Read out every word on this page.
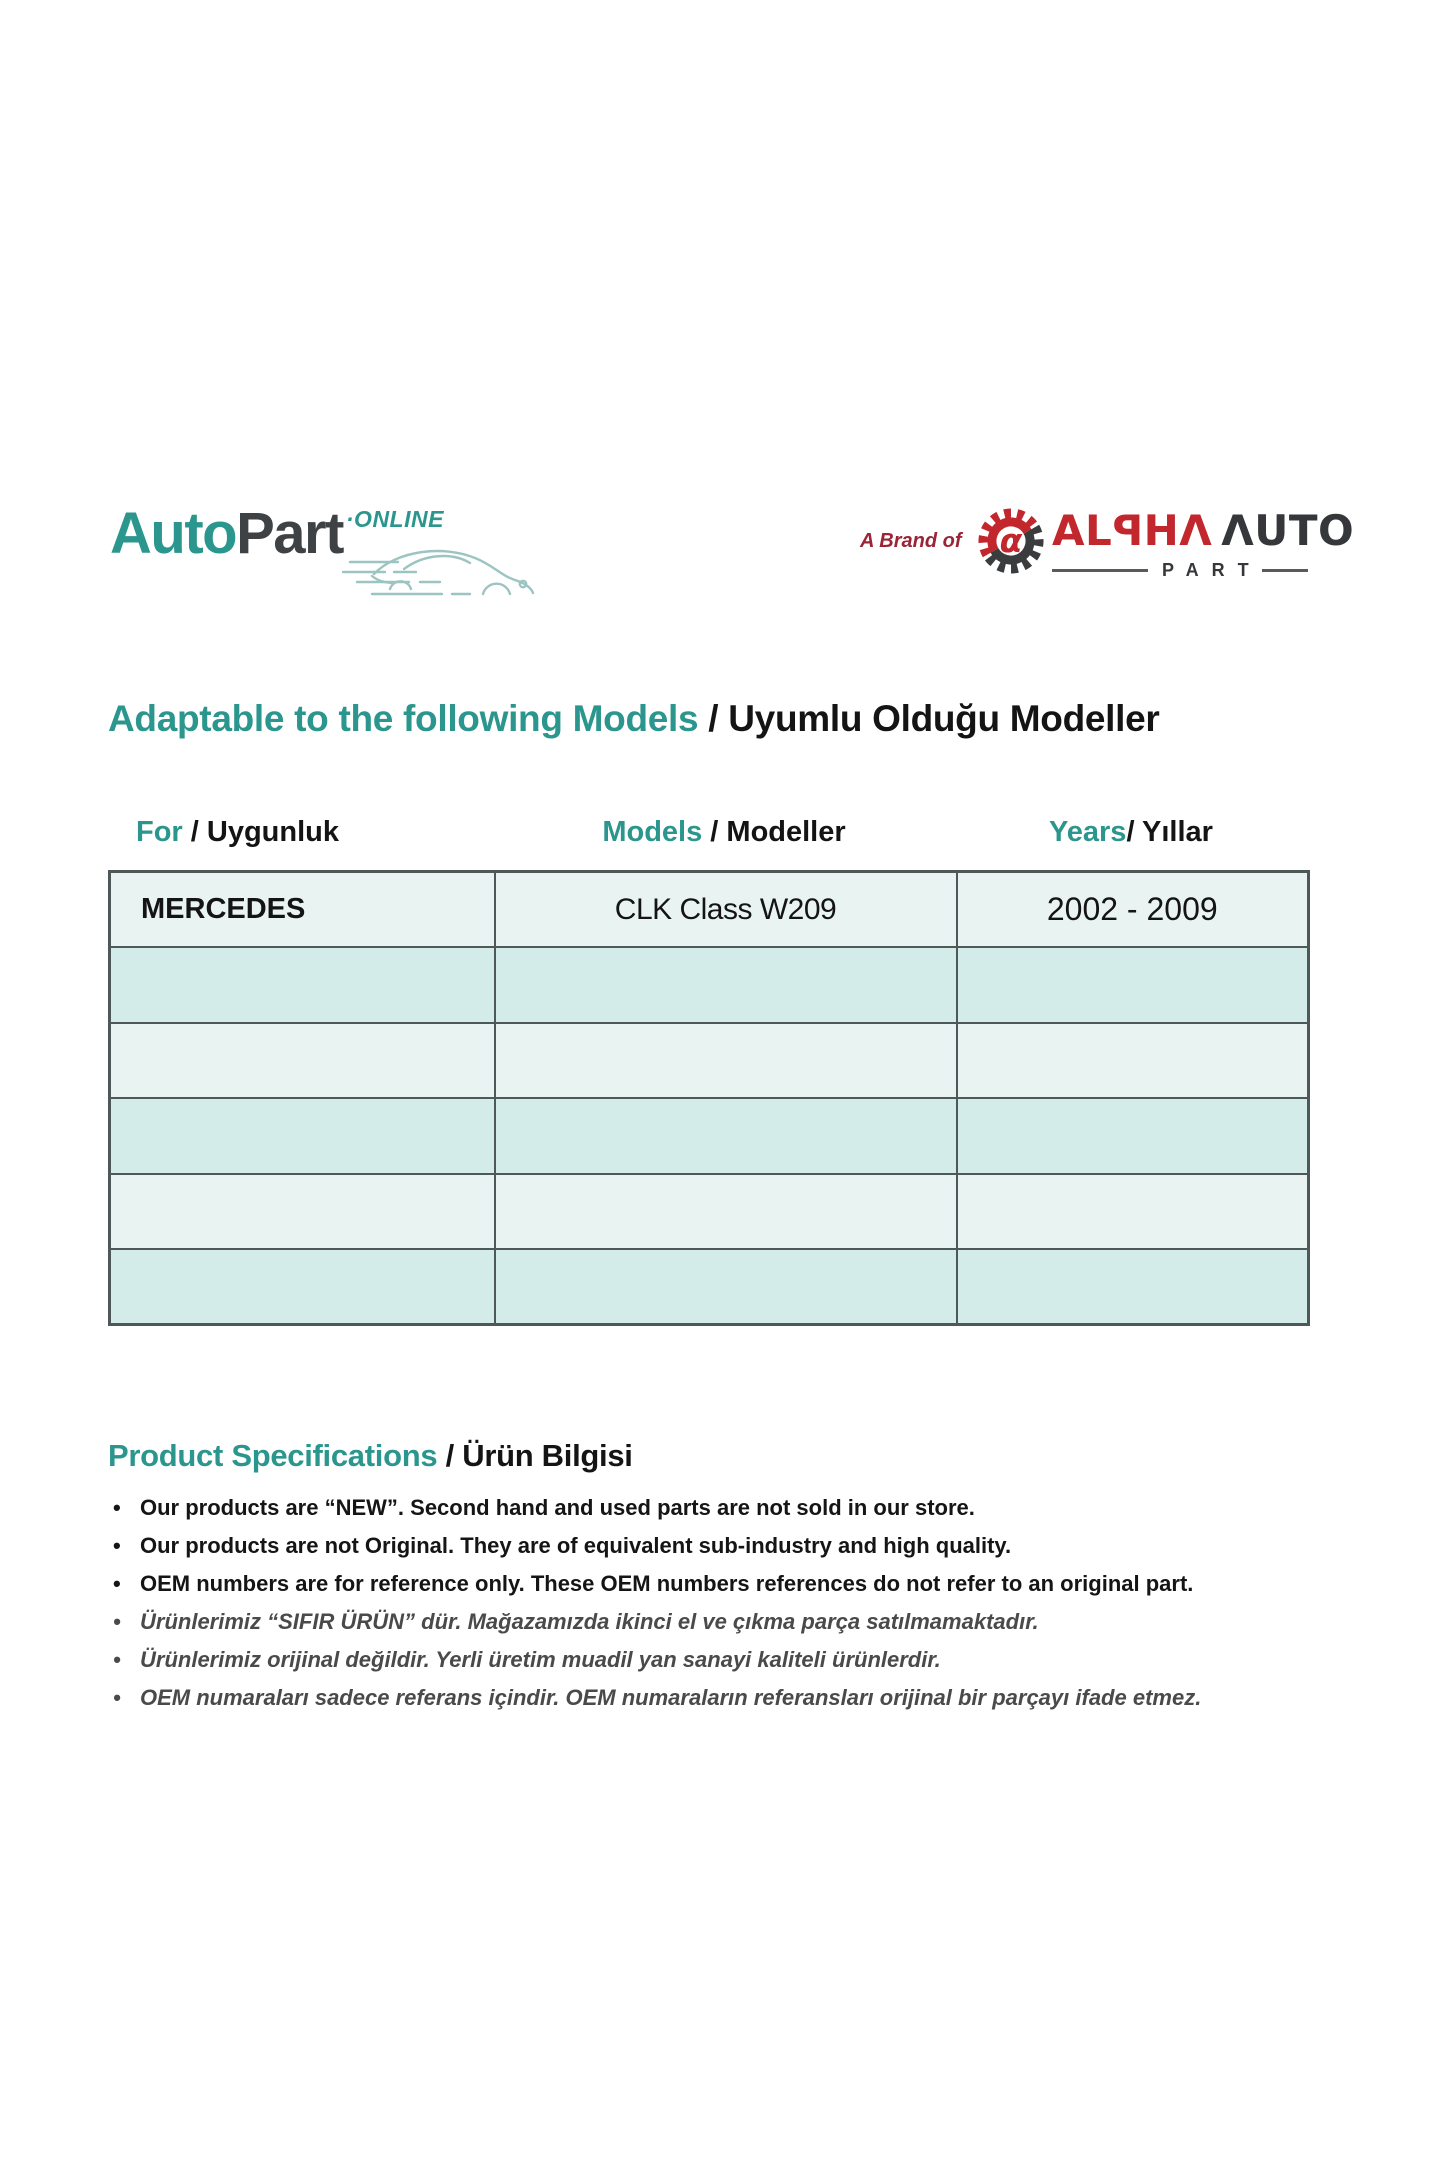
AutoPart $^{\cdot ONLINE}$
A Brand of α ALPHΛ ΛUTO
PART
Adaptable to the following Models / Uyumlu Olduğu Modeller
For / Uygunluk	Models / Modeller	Years/ Yıllar
MERCEDES	CLK Class W209	2002 - 2009

Product Specifications / Ürün Bilgisi
• Our products are “NEW”. Second hand and used parts are not sold in our store.
• Our products are not Original. They are of equivalent sub-industry and high quality.
• OEM numbers are for reference only. These OEM numbers references do not refer to an original part.
• Ürünlerimiz “SIFIR ÜRÜN” dür. Mağazamızda ikinci el ve çıkma parça satılmamaktadır.
• Ürünlerimiz orijinal değildir. Yerli üretim muadil yan sanayi kaliteli ürünlerdir.
• OEM numaraları sadece referans içindir. OEM numaraların referansları orijinal bir parçayı ifade etmez.
